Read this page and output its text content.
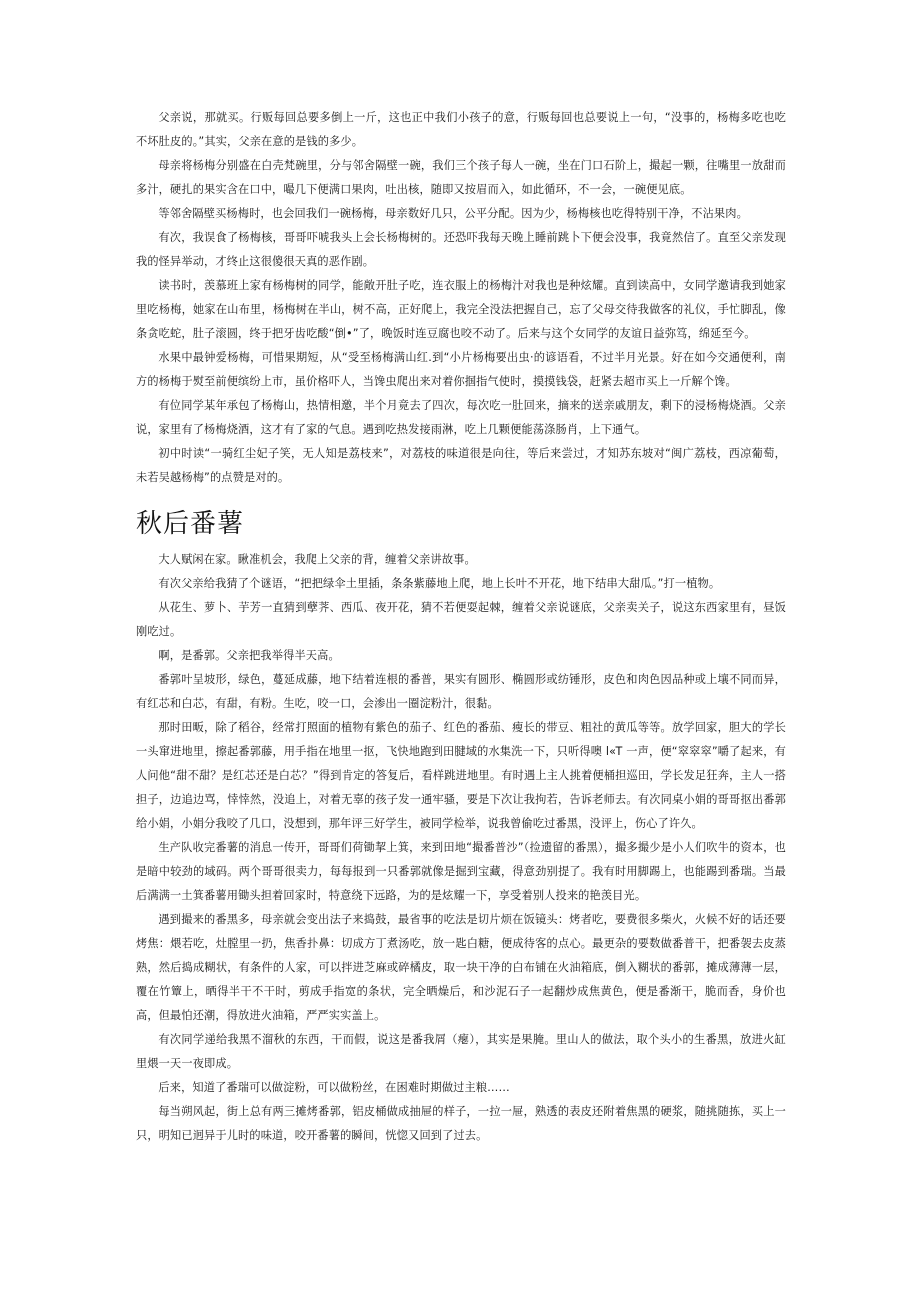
父亲说，那就买。行贩每回总要多倒上一斤，这也正中我们小孩子的意，行贩每回也总要说上一句，“没事的，杨梅多吃也吃不坏肚皮的。”其实，父亲在意的是钱的多少。

母亲将杨梅分别盛在白壳梵碗里，分与邻舍隔壁一碗，我们三个孩子每人一碗，坐在门口石阶上，撮起一颗，往嘴里一放甜而多汁，硬扎的果实含在口中，嘬几下便满口果肉，吐出核，随即又按眉而入，如此循环，不一会，一碗便见底。

等邻舍隔壁买杨梅时，也会回我们一碗杨梅，母亲数好几只，公平分配。因为少，杨梅核也吃得特别干净，不沾果肉。

有次，我误食了杨梅核，哥哥吓唬我头上会长杨梅树的。还恐吓我每天晚上睡前跳卜下便会没事，我竟然信了。直至父亲发现我的怪异举动，才终止这很傻很天真的恶作剧。

读书时，羡慕班上家有杨梅树的同学，能敞开肚子吃，连衣服上的杨梅汁对我也是种炫耀。直到读高中，女同学邀请我到她家里吃杨梅，她家在山布里，杨梅树在半山，树不高，正好爬上，我完全没法把握自己，忘了父母交待我做客的礼仪，手忙脚乱，像条贪吃蛇，肚子滚圆，终于把牙齿吃酸“倒•”了，晚饭时连豆腐也咬不动了。后来与这个女同学的友谊日益弥笃，绵延至今。

水果中最钟爱杨梅，可惜果期短，从“受至杨梅满山红.到“小片杨梅要出虫·的谚语看，不过半月光景。好在如今交通便利，南方的杨梅于熨至前便缤纷上市，虽价格吓人，当馋虫爬出来对着你掴指气使时，摸摸钱袋，赶紧去超市买上一斤解个馋。

有位同学某年承包了杨梅山，热情相邀，半个月竟去了四次，每次吃一肚回来，摘来的送亲戚朋友，剩下的浸杨梅烧酒。父亲说，家里有了杨梅烧酒，这才有了家的气息。遇到吃热发接雨淋，吃上几颗便能荡涤肠肖，上下通气。

初中时读“一骑红尘妃子笑，无人知是荔枝来”，对荔枝的味道很是向往，等后来尝过，才知苏东坡对“闽广荔枝，西凉葡萄，未若吴越杨梅”的点赞是对的。

秋后番薯

大人赋闲在家。瞅准机会，我爬上父亲的背，缠着父亲讲故事。

有次父亲给我猜了个谜语，“把把绿伞土里插，条条紫藤地上爬，地上长叶不开花，地下结串大甜瓜。”打一植物。

从花生、萝卜、芋芳一直猜到孽荠、西瓜、夜开花，猜不若便耍起棘，缠着父亲说谜底，父亲卖关子，说这东西家里有，昼饭刚吃过。

啊，是番郭。父亲把我举得半天高。

番郭叶呈坡形，绿色，蔓延成藤，地下结着连根的番普，果实有圆形、椭圆形或纺锤形，皮色和肉色因品种或上壤不同而异，有红芯和白芯，有甜，有粉。生吃，咬一口，会渗出一圈淀粉汁，很黏。

那时田畈，除了稻谷，经常打照面的植物有紫色的茄子、红色的番茄、瘦长的带豆、粗社的黄瓜等等。放学回家，胆大的学长一头窜进地里，擦起番郭藤，用手指在地里一抠，飞快地跑到田腱域的水集洗一下，只听得噢 l«T 一声，便“窣窣窣”嚼了起来，有人问他“甜不甜？是红芯还是白芯？”得到肯定的答复后，看样跳进地里。有时遇上主人挑着便桶担巡田，学长发足狂奔，主人一搭担子，边追边骂，悻悻然，没追上，对着无辜的孩子发一通牢骚，要是下次让我拘若，告诉老师去。有次同桌小娟的哥哥抠出番郭给小娟，小娟分我咬了几口，没想到，那年评三好学生，被同学检举，说我曾偷吃过番黑，没评上，伤心了许久。

生产队收完番薯的消息一传开，哥哥们荷锄挈上箕，来到田地“撮番普沙”（捡遗留的番黑），撮多撮少是小人们吹牛的资本，也是暗中较劲的域码。两个哥哥很卖力，每每报到一只番郭就像是掘到宝藏，得意劲别提了。我有时用脚踢上，也能踢到番瑞。当最后满满一土箕番薯用锄头担着回家时，特意绕下远路，为的是炫耀一下，享受着别人投来的艳羡目光。

遇到撮来的番黑多，母亲就会变出法子来捣鼓，最省事的吃法是切片烦在饭镜头：烤者吃，要费很多柴火，火候不好的话还要烤焦：煨若吃，灶膛里一扔，焦香扑鼻：切成方丁煮汤吃，放一匙白糖，便成待客的点心。最更杂的要数做番普干，把番袈去皮蒸熟，然后捣成糊状，有条件的人家，可以拌进芝麻或碎橘皮，取一块干净的白布铺在火油箱底，倒入糊状的番郭，摊成薄薄一层，覆在竹簟上，晒得半干不干时，剪成手指宽的条状，完全晒燥后，和沙泥石子一起翻炒成焦黄色，便是番渐干，脆而香，身价也高，但最怕还潮，得放进火油箱，严严实实盖上。

有次同学递给我黑不溜秋的东西，干而假，说这是番我屑（瘪），其实是果腌。里山人的做法，取个头小的生番黑，放进火缸里煨一天一夜即成。

后来，知道了番瑞可以做淀粉，可以做粉丝，在困难时期做过主粮……

每当朔风起，街上总有两三摊烤番郭，铝皮桶做成抽屉的样子，一拉一屉，熟透的表皮还附着焦黑的硬浆，随挑随拣，买上一只，明知已迥异于儿时的味道，咬开番薯的瞬间，恍惚又回到了过去。
